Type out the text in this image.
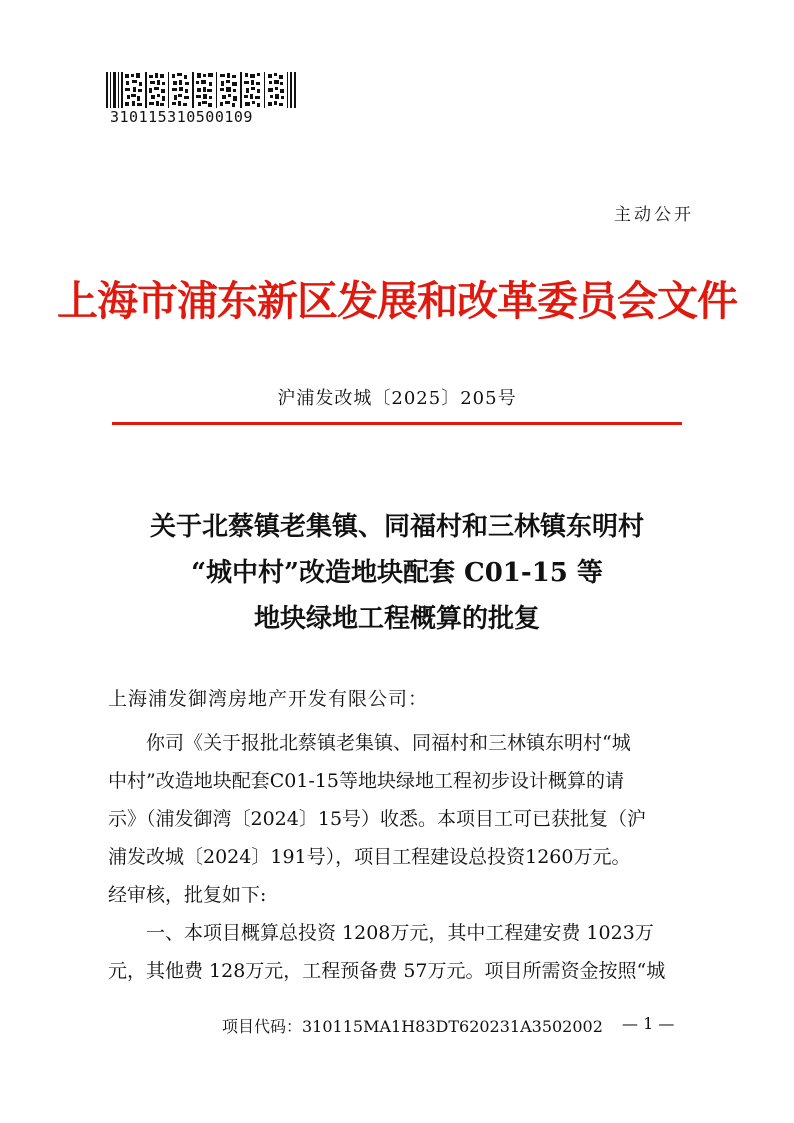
310115310500109
主动公开
上海市浦东新区发展和改革委员会文件
沪浦发改城〔2025〕205号
关于北蔡镇老集镇、同福村和三林镇东明村
“城中村”改造地块配套 C01-15 等
地块绿地工程概算的批复
上海浦发御湾房地产开发有限公司：
你司《关于报批北蔡镇老集镇、同福村和三林镇东明村“城
中村”改造地块配套C01-15等地块绿地工程初步设计概算的请
示》（浦发御湾〔2024〕15号）收悉。本项目工可已获批复（沪
浦发改城〔2024〕191号），项目工程建设总投资1260万元。
经审核，批复如下:
一、本项目概算总投资 1208万元，其中工程建安费 1023万
元，其他费 128万元，工程预备费 57万元。项目所需资金按照“城
项目代码：310115MA1H83DT620231A3502002 — 1 —
